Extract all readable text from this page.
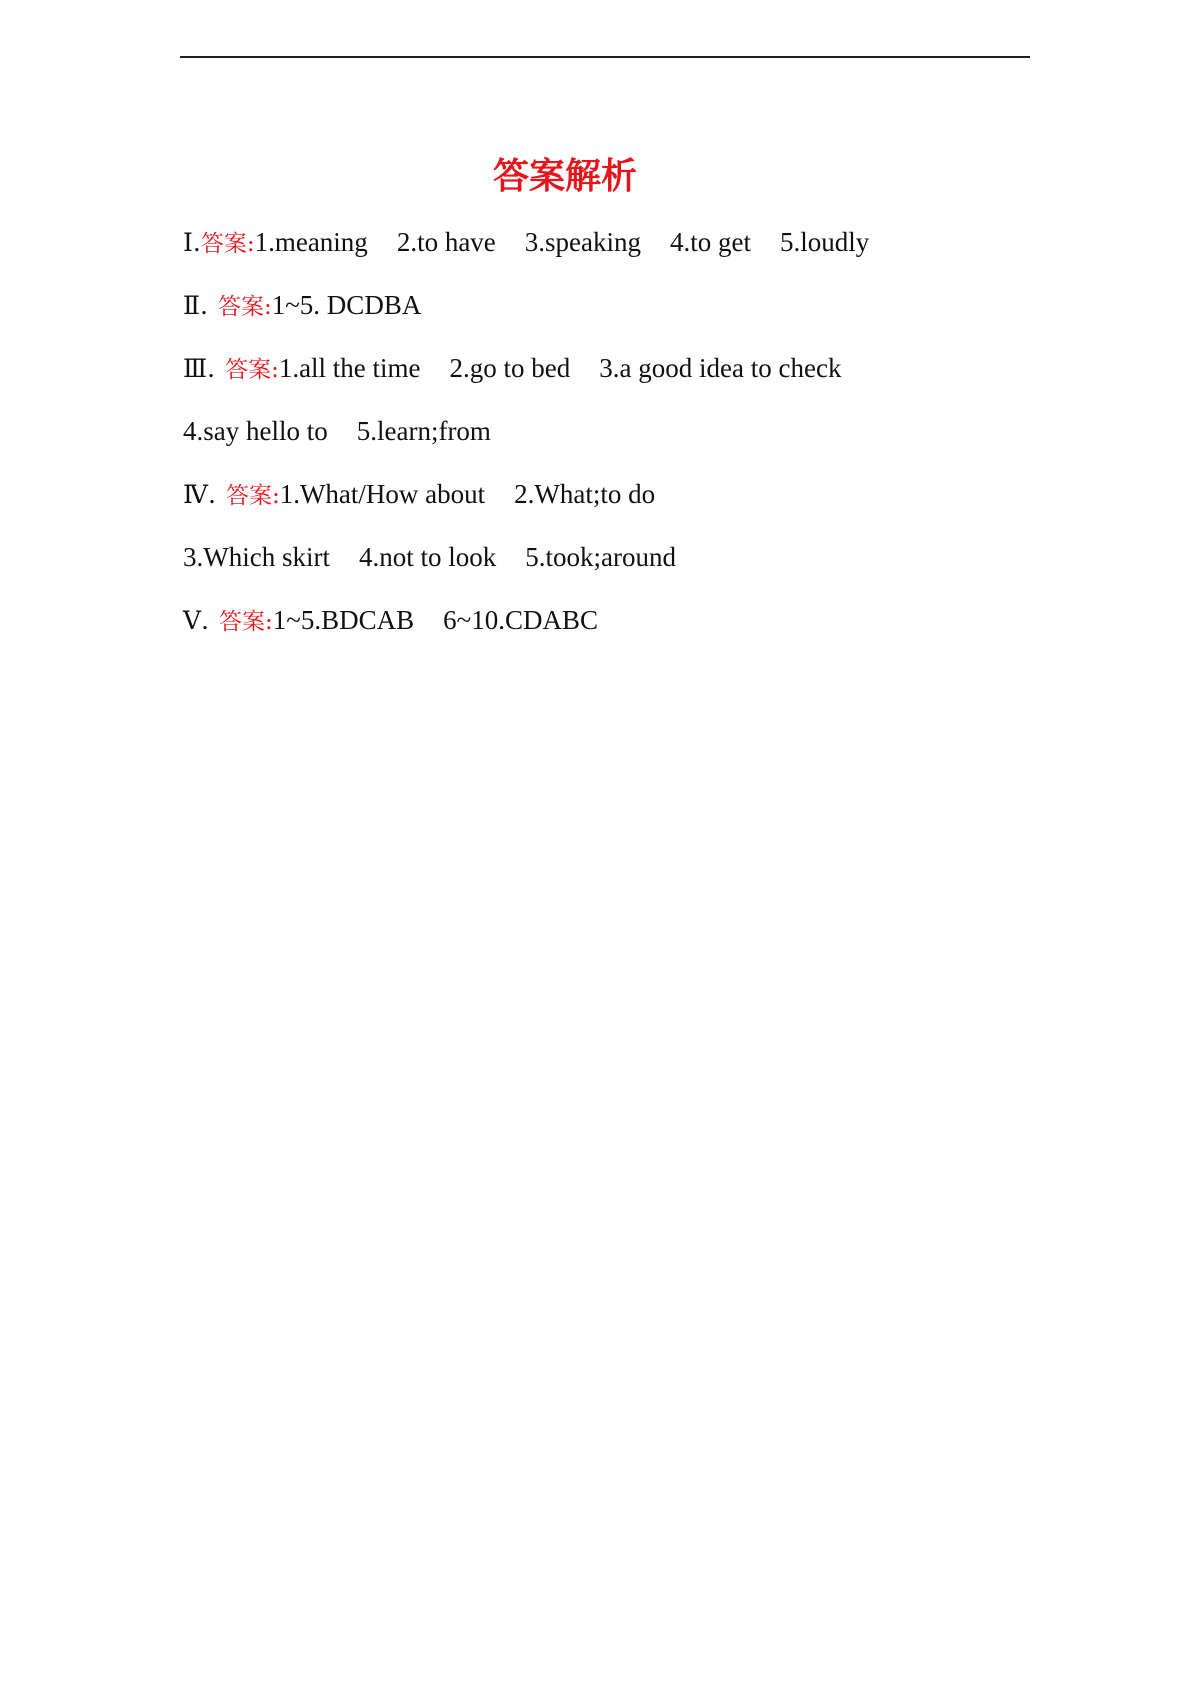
答案解析
Ⅰ.答案:1.meaning 2.to have 3.speaking 4.to get 5.loudly
Ⅱ. 答案:1~5. DCDBA
Ⅲ. 答案:1.all the time 2.go to bed 3.a good idea to check
4.say hello to 5.learn;from
Ⅳ. 答案:1.What/How about 2.What;to do
3.Which skirt 4.not to look 5.took;around
Ⅴ. 答案:1~5.BDCAB 6~10.CDABC
